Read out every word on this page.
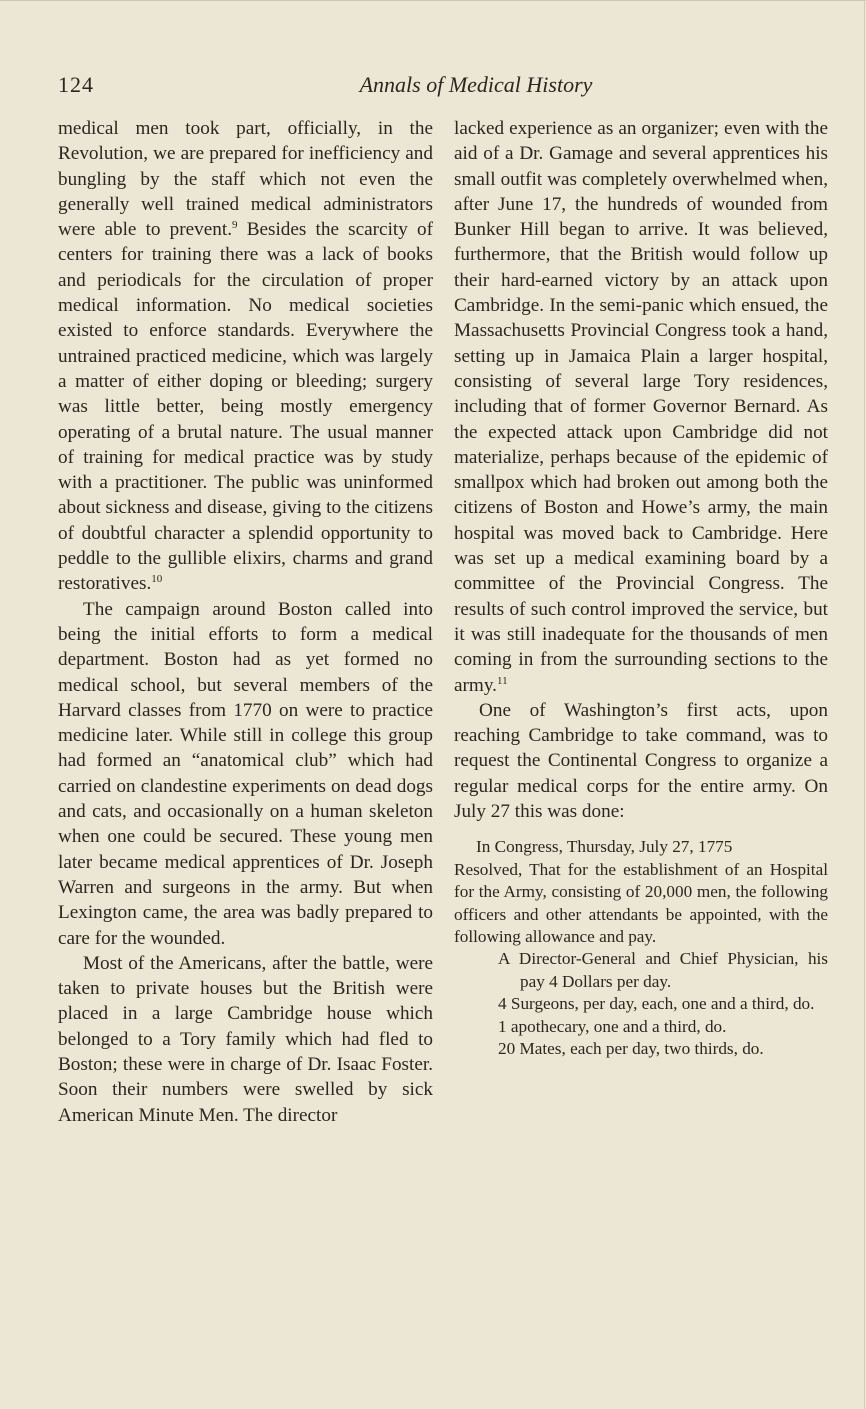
124	Annals of Medical History

medical men took part, officially, in the Revolution, we are prepared for inefficiency and bungling by the staff which not even the generally well trained medical administrators were able to prevent.$^9$ Besides the scarcity of centers for training there was a lack of books and periodicals for the circulation of proper medical information. No medical societies existed to enforce standards. Everywhere the untrained practiced medicine, which was largely a matter of either doping or bleeding; surgery was little better, being mostly emergency operating of a brutal nature. The usual manner of training for medical practice was by study with a practitioner. The public was uninformed about sickness and disease, giving to the citizens of doubtful character a splendid opportunity to peddle to the gullible elixirs, charms and grand restoratives.$^{10}$

The campaign around Boston called into being the initial efforts to form a medical department. Boston had as yet formed no medical school, but several members of the Harvard classes from 1770 on were to practice medicine later. While still in college this group had formed an “anatomical club” which had carried on clandestine experiments on dead dogs and cats, and occasionally on a human skeleton when one could be secured. These young men later became medical apprentices of Dr. Joseph Warren and surgeons in the army. But when Lexington came, the area was badly prepared to care for the wounded.

Most of the Americans, after the battle, were taken to private houses but the British were placed in a large Cambridge house which belonged to a Tory family which had fled to Boston; these were in charge of Dr. Isaac Foster. Soon their numbers were swelled by sick American Minute Men. The director

lacked experience as an organizer; even with the aid of a Dr. Gamage and several apprentices his small outfit was completely overwhelmed when, after June 17, the hundreds of wounded from Bunker Hill began to arrive. It was believed, furthermore, that the British would follow up their hard-earned victory by an attack upon Cambridge. In the semi-panic which ensued, the Massachusetts Provincial Congress took a hand, setting up in Jamaica Plain a larger hospital, consisting of several large Tory residences, including that of former Governor Bernard. As the expected attack upon Cambridge did not materialize, perhaps because of the epidemic of smallpox which had broken out among both the citizens of Boston and Howe’s army, the main hospital was moved back to Cambridge. Here was set up a medical examining board by a committee of the Provincial Congress. The results of such control improved the service, but it was still inadequate for the thousands of men coming in from the surrounding sections to the army.$^{11}$

One of Washington’s first acts, upon reaching Cambridge to take command, was to request the Continental Congress to organize a regular medical corps for the entire army. On July 27 this was done:

In Congress, Thursday, July 27, 1775

Resolved, That for the establishment of an Hospital for the Army, consisting of 20,000 men, the following officers and other attendants be appointed, with the following allowance and pay.

A Director-General and Chief Physician, his pay 4 Dollars per day.

4 Surgeons, per day, each, one and a third, do.

1 apothecary, one and a third, do.

20 Mates, each per day, two thirds, do.
